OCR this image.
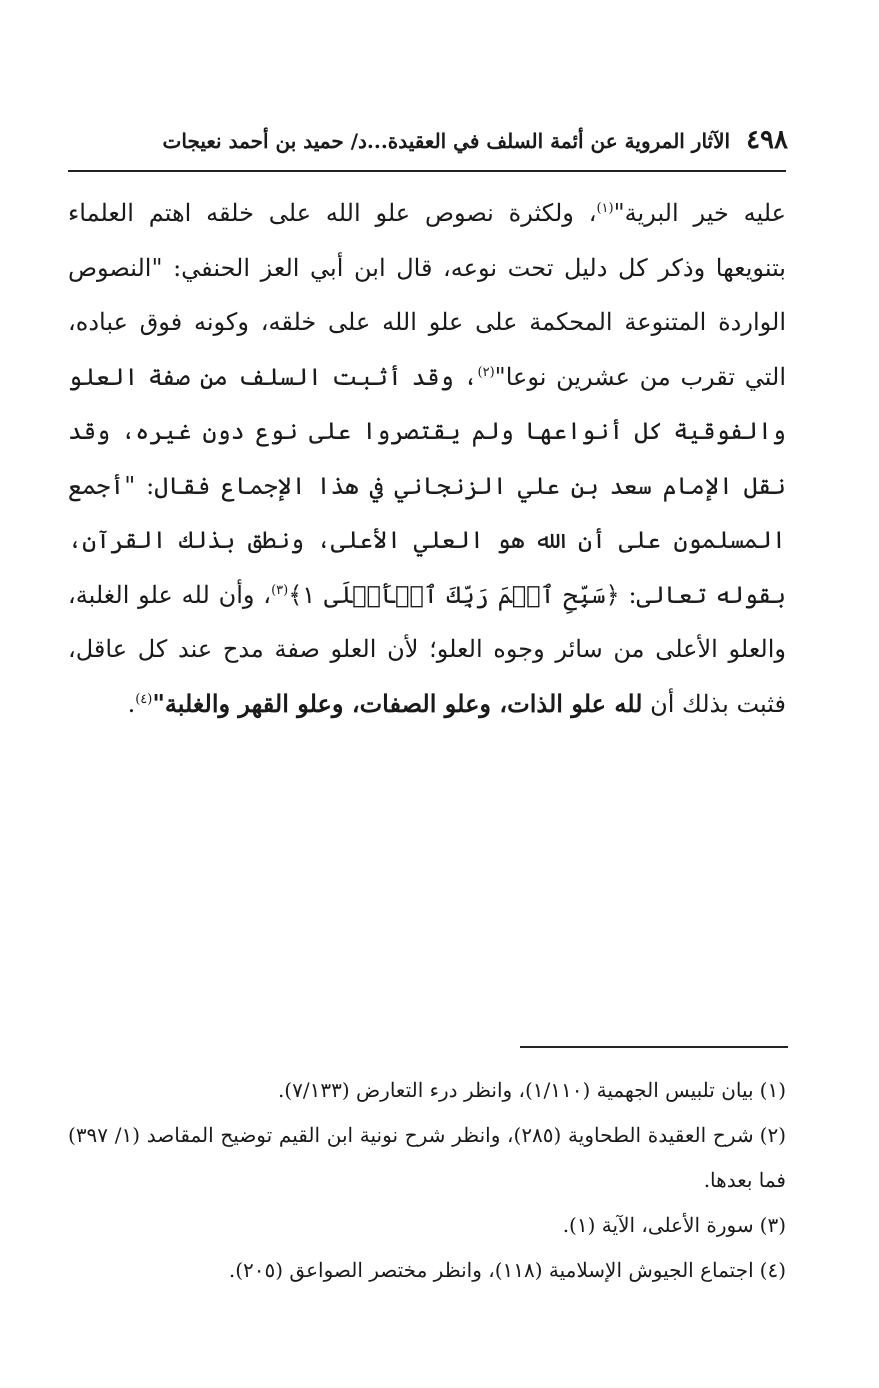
٤٩٨
الآثار المروية عن أئمة السلف في العقيدة...د/ حميد بن أحمد نعيجات

عليه خير البرية"$^{(١)}$، ولكثرة نصوص علو الله على خلقه اهتم العلماء بتنويعها وذكر كل دليل تحت نوعه، قال ابن أبي العز الحنفي: "النصوص الواردة المتنوعة المحكمة على علو الله على خلقه، وكونه فوق عباده، التي تقرب من عشرين نوعا"$^{(٢)}$، وقد أثبت السلف من صفة العلو والفوقية كل أنواعها ولم يقتصروا على نوع دون غيره، وقد نقل الإمام سعد بن علي الزنجاني في هذا الإجماع فقال: "أجمع المسلمون على أن الله هو العلي الأعلى، ونطق بذلك القرآن، بقوله تعالى: ﴿سَبِّحِ ٱسۡمَ رَبِّكَ ٱلۡأَعۡلَى ١﴾$^{(٣)}$، وأن لله علو الغلبة، والعلو الأعلى من سائر وجوه العلو؛ لأن العلو صفة مدح عند كل عاقل، فثبت بذلك أن لله علو الذات، وعلو الصفات، وعلو القهر والغلبة"$^{(٤)}$.

(١)بيان تلبيس الجهمية (١/١١٠)، وانظر درء التعارض (٧/١٣٣).

(٢)شرح العقيدة الطحاوية (٢٨٥)، وانظر شرح نونية ابن القيم توضيح المقاصد (١/ ٣٩٧) فما بعدها.

(٣)سورة الأعلى، الآية (١).

(٤)اجتماع الجيوش الإسلامية (١١٨)، وانظر مختصر الصواعق (٢٠٥).
